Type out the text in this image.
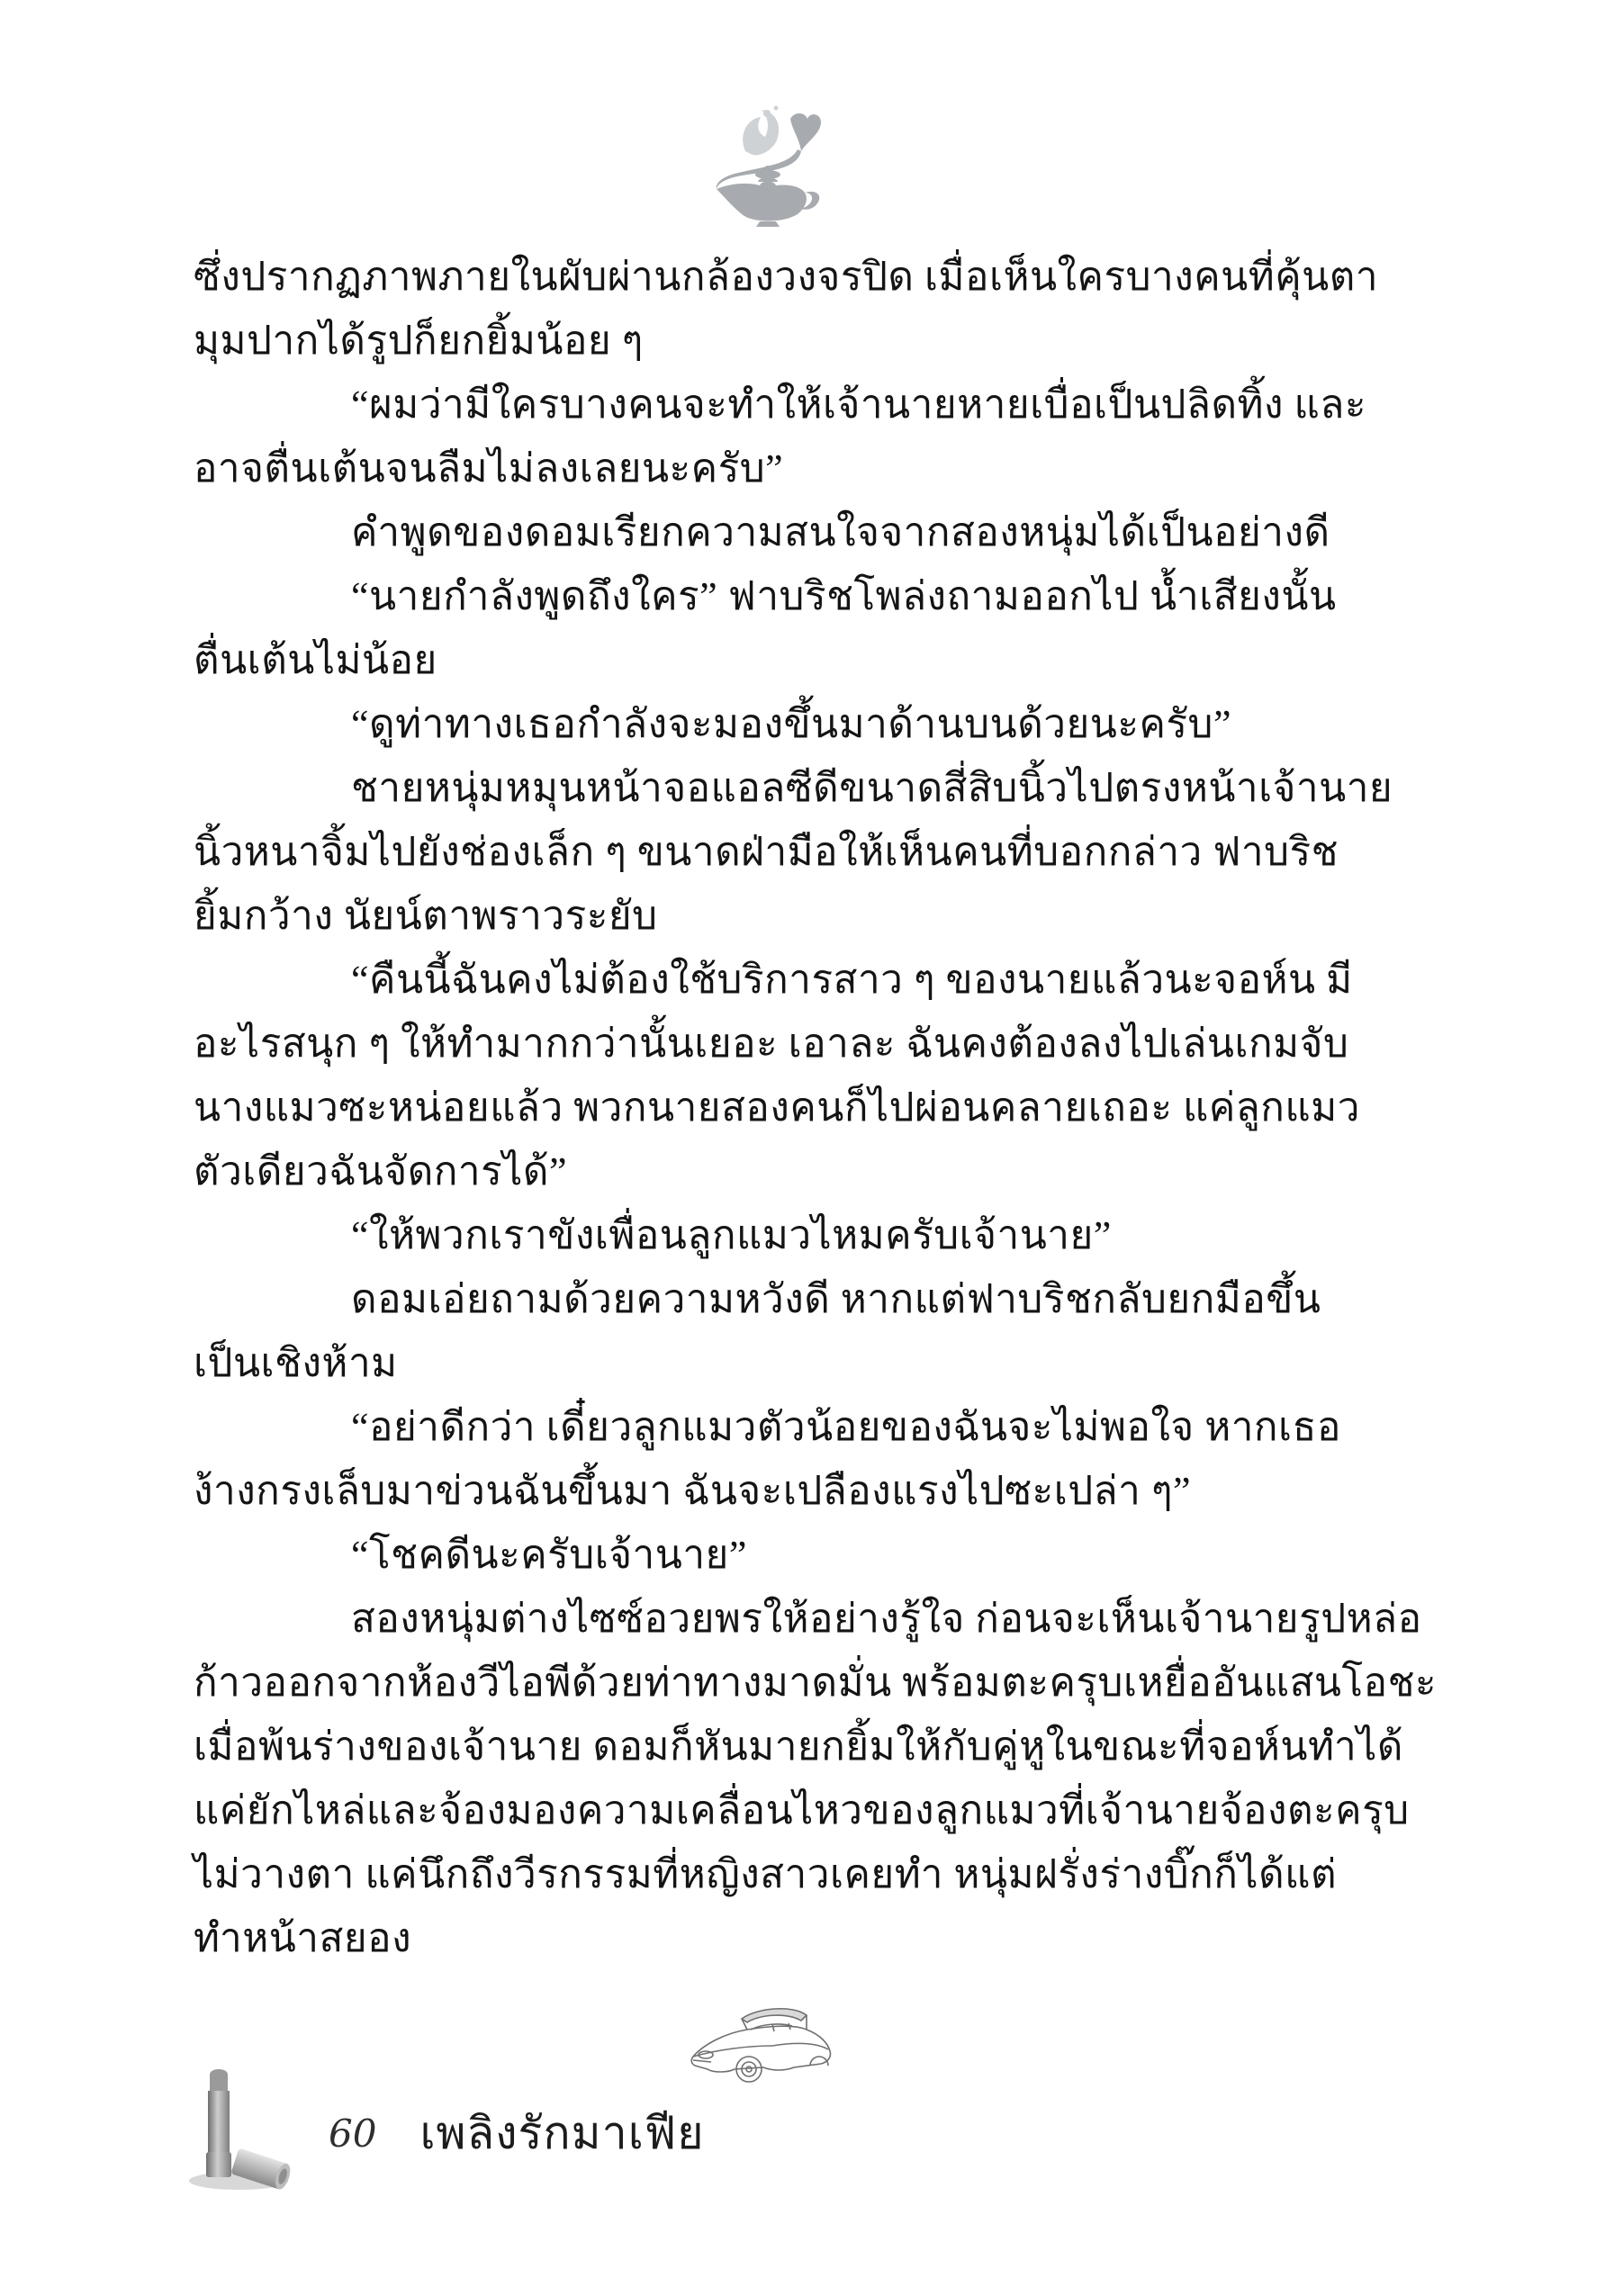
ซึ่งปรากฏภาพภายในผับผ่านกล้องวงจรปิด เมื่อเห็นใครบางคนที่คุ้นตา
มุมปากได้รูปก็ยกยิ้มน้อย ๆ
“ผมว่ามีใครบางคนจะทำให้เจ้านายหายเบื่อเป็นปลิดทิ้ง และ
อาจตื่นเต้นจนลืมไม่ลงเลยนะครับ”
คำพูดของดอมเรียกความสนใจจากสองหนุ่มได้เป็นอย่างดี
“นายกำลังพูดถึงใคร” ฟาบริชโพล่งถามออกไป น้ำเสียงนั้น
ตื่นเต้นไม่น้อย
“ดูท่าทางเธอกำลังจะมองขึ้นมาด้านบนด้วยนะครับ”
ชายหนุ่มหมุนหน้าจอแอลซีดีขนาดสี่สิบนิ้วไปตรงหน้าเจ้านาย
นิ้วหนาจิ้มไปยังช่องเล็ก ๆ ขนาดฝ่ามือให้เห็นคนที่บอกกล่าว ฟาบริช
ยิ้มกว้าง นัยน์ตาพราวระยับ
“คืนนี้ฉันคงไม่ต้องใช้บริการสาว ๆ ของนายแล้วนะจอห์น มี
อะไรสนุก ๆ ให้ทำมากกว่านั้นเยอะ เอาละ ฉันคงต้องลงไปเล่นเกมจับ
นางแมวซะหน่อยแล้ว พวกนายสองคนก็ไปผ่อนคลายเถอะ แค่ลูกแมว
ตัวเดียวฉันจัดการได้”
“ให้พวกเราขังเพื่อนลูกแมวไหมครับเจ้านาย”
ดอมเอ่ยถามด้วยความหวังดี หากแต่ฟาบริชกลับยกมือขึ้น
เป็นเชิงห้าม
“อย่าดีกว่า เดี๋ยวลูกแมวตัวน้อยของฉันจะไม่พอใจ หากเธอ
ง้างกรงเล็บมาข่วนฉันขึ้นมา ฉันจะเปลืองแรงไปซะเปล่า ๆ”
“โชคดีนะครับเจ้านาย”
สองหนุ่มต่างไซซ์อวยพรให้อย่างรู้ใจ ก่อนจะเห็นเจ้านายรูปหล่อ
ก้าวออกจากห้องวีไอพีด้วยท่าทางมาดมั่น พร้อมตะครุบเหยื่ออันแสนโอชะ
เมื่อพ้นร่างของเจ้านาย ดอมก็หันมายกยิ้มให้กับคู่หูในขณะที่จอห์นทำได้
แค่ยักไหล่และจ้องมองความเคลื่อนไหวของลูกแมวที่เจ้านายจ้องตะครุบ
ไม่วางตา แค่นึกถึงวีรกรรมที่หญิงสาวเคยทำ หนุ่มฝรั่งร่างบิ๊กก็ได้แต่
ทำหน้าสยอง
60 เพลิงรักมาเฟีย
